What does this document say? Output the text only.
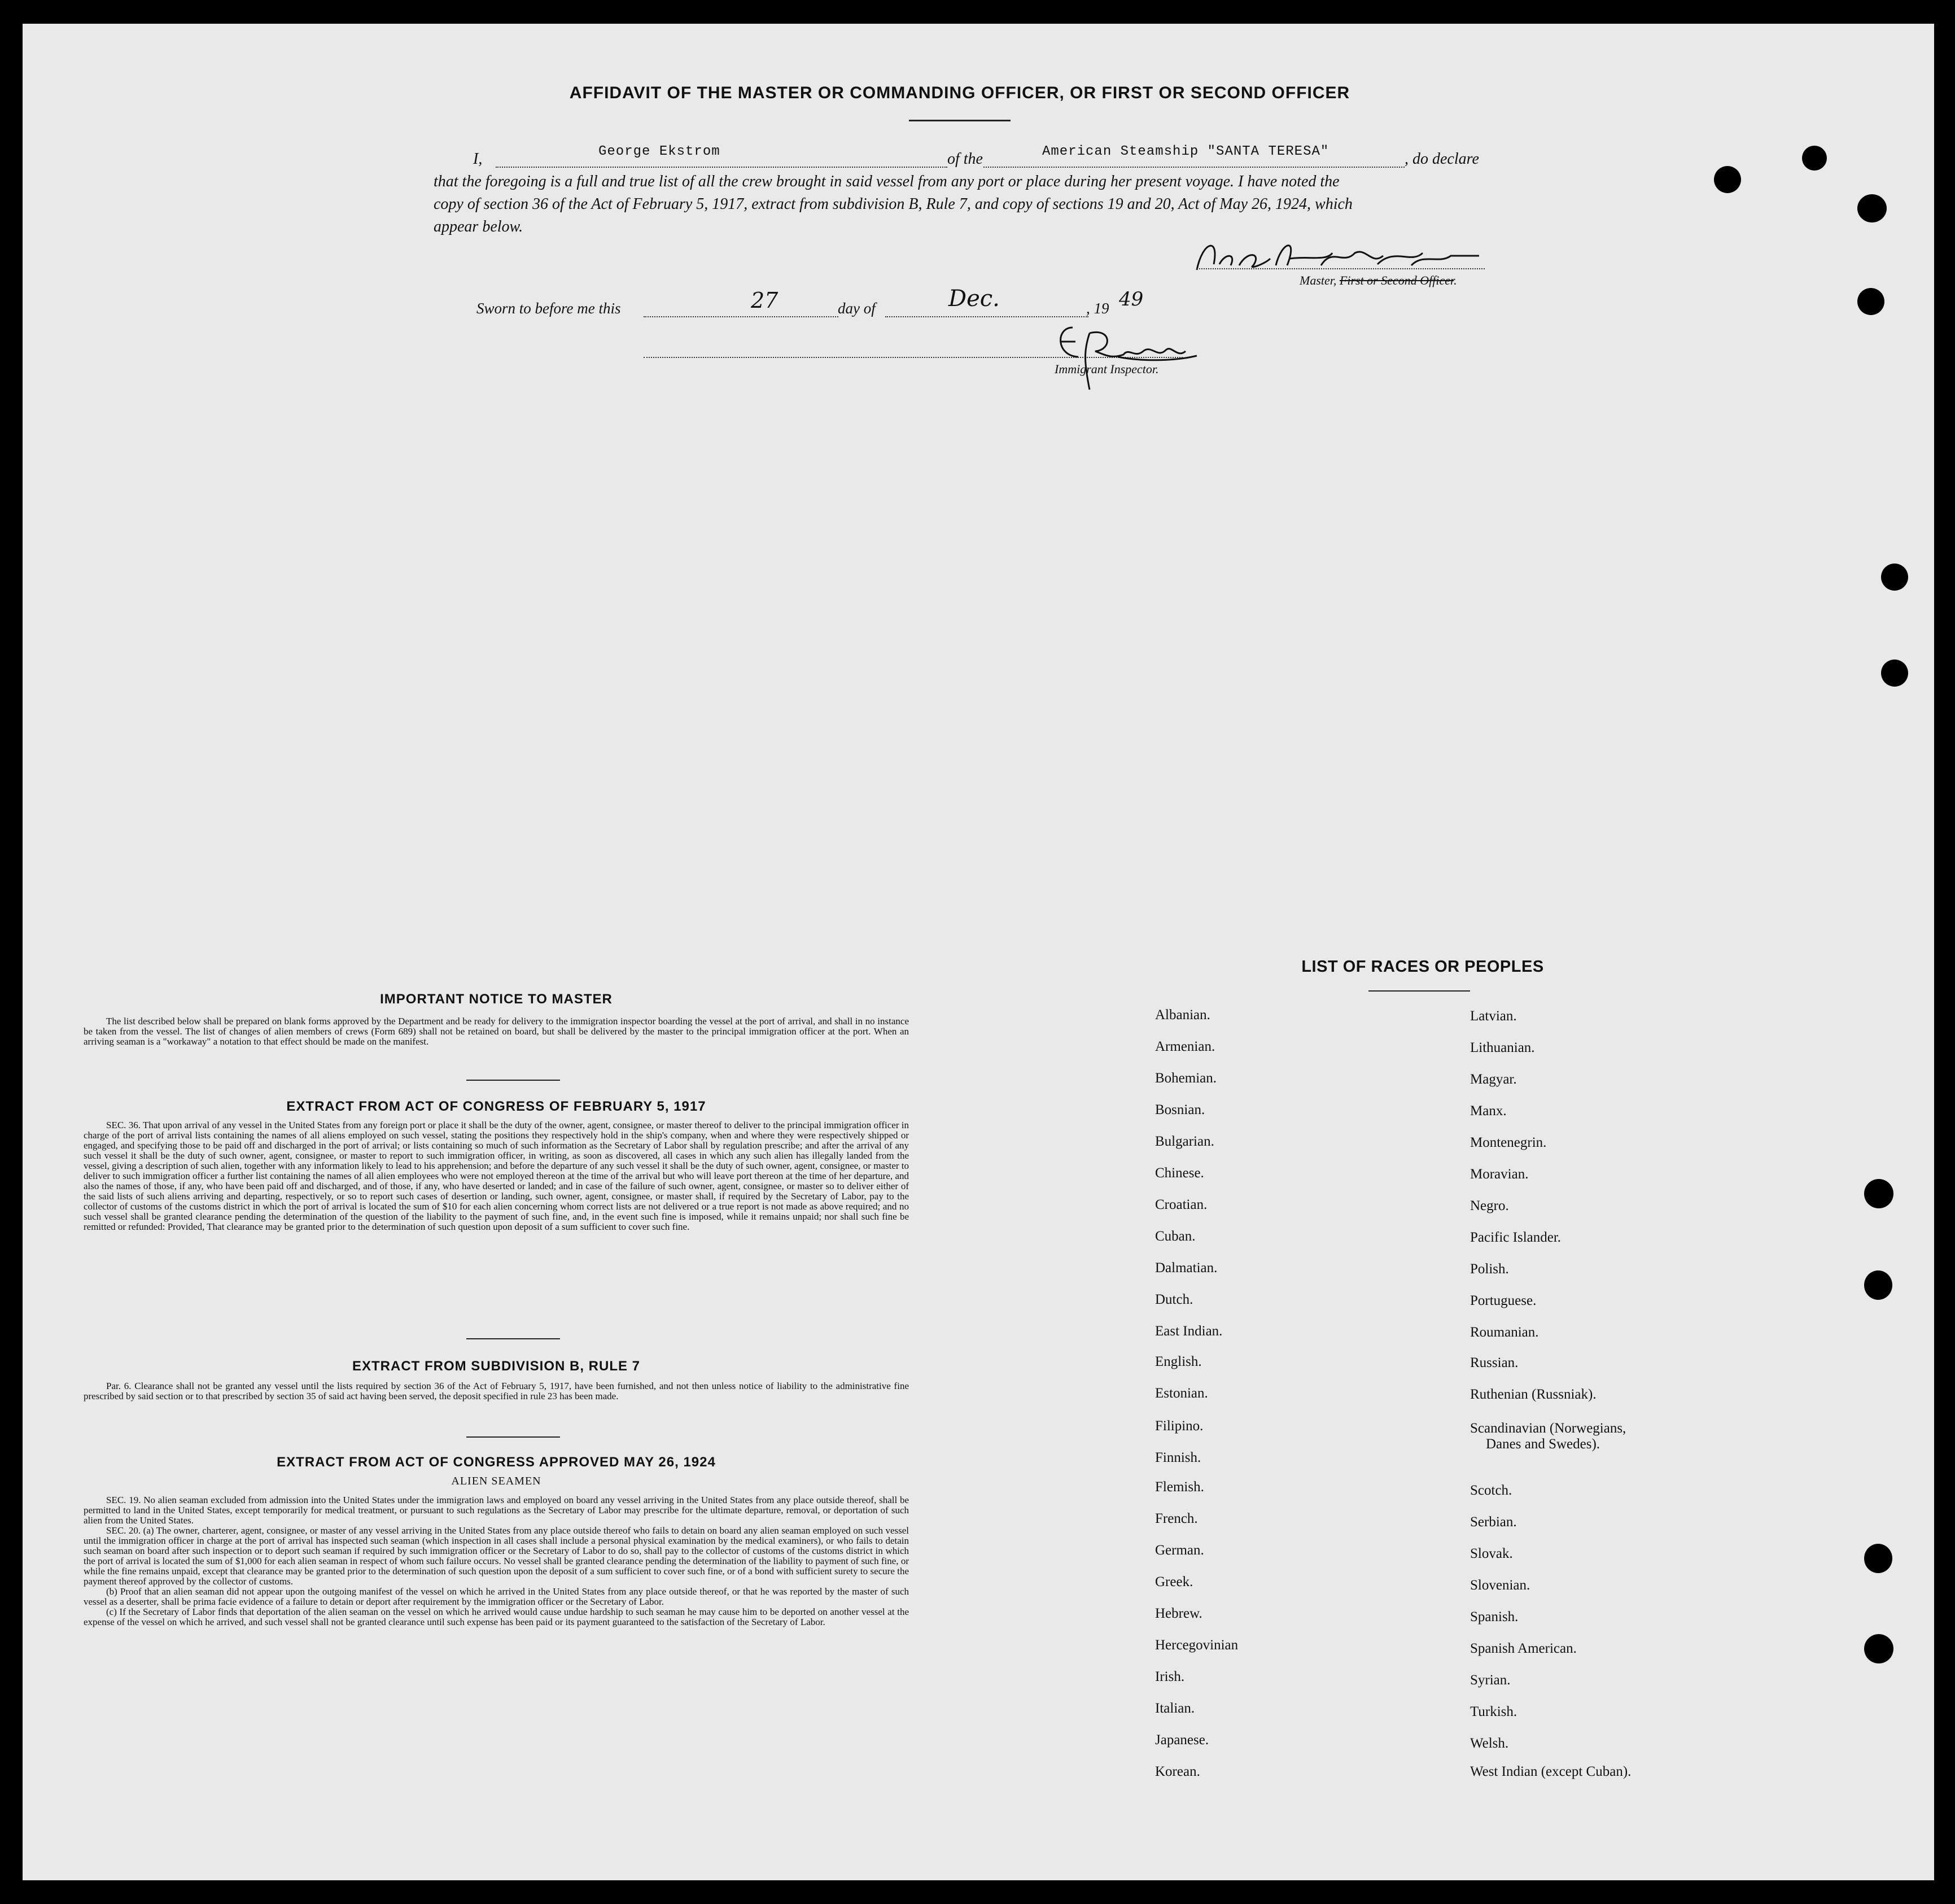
AFFIDAVIT OF THE MASTER OR COMMANDING OFFICER, OR FIRST OR SECOND OFFICER
I,	George Ekstrom	of the	American Steamship "SANTA TERESA"	, do declare
that the foregoing is a full and true list of all the crew brought in said vessel from any port or place during her present voyage. I have noted the
copy of section 36 of the Act of February 5, 1917, extract from subdivision B, Rule 7, and copy of sections 19 and 20, Act of May 26, 1924, which
appear below.
Master, First or Second Officer.
Sworn to before me this	27	day of	Dec.	, 19 49
Immigrant Inspector.
IMPORTANT NOTICE TO MASTER

The list described below shall be prepared on blank forms approved by the Department and be ready for delivery to the immigration inspector boarding the vessel at the port of arrival, and shall in no instance be taken from the vessel. The list of changes of alien members of crews (Form 689) shall not be retained on board, but shall be delivered by the master to the principal immigration officer at the port. When an arriving seaman is a "workaway" a notation to that effect should be made on the manifest.

EXTRACT FROM ACT OF CONGRESS OF FEBRUARY 5, 1917

SEC. 36. That upon arrival of any vessel in the United States from any foreign port or place it shall be the duty of the owner, agent, consignee, or master thereof to deliver to the principal immigration officer in charge of the port of arrival lists containing the names of all aliens employed on such vessel, stating the positions they respectively hold in the ship's company, when and where they were respectively shipped or engaged, and specifying those to be paid off and discharged in the port of arrival; or lists containing so much of such information as the Secretary of Labor shall by regulation prescribe; and after the arrival of any such vessel it shall be the duty of such owner, agent, consignee, or master to report to such immigration officer, in writing, as soon as discovered, all cases in which any such alien has illegally landed from the vessel, giving a description of such alien, together with any information likely to lead to his apprehension; and before the departure of any such vessel it shall be the duty of such owner, agent, consignee, or master to deliver to such immigration officer a further list containing the names of all alien employees who were not employed thereon at the time of the arrival but who will leave port thereon at the time of her departure, and also the names of those, if any, who have been paid off and discharged, and of those, if any, who have deserted or landed; and in case of the failure of such owner, agent, consignee, or master so to deliver either of the said lists of such aliens arriving and departing, respectively, or so to report such cases of desertion or landing, such owner, agent, consignee, or master shall, if required by the Secretary of Labor, pay to the collector of customs of the customs district in which the port of arrival is located the sum of $10 for each alien concerning whom correct lists are not delivered or a true report is not made as above required; and no such vessel shall be granted clearance pending the determination of the question of the liability to the payment of such fine, and, in the event such fine is imposed, while it remains unpaid; nor shall such fine be remitted or refunded: Provided, That clearance may be granted prior to the determination of such question upon deposit of a sum sufficient to cover such fine.

EXTRACT FROM SUBDIVISION B, RULE 7

Par. 6. Clearance shall not be granted any vessel until the lists required by section 36 of the Act of February 5, 1917, have been furnished, and not then unless notice of liability to the administrative fine prescribed by said section or to that prescribed by section 35 of said act having been served, the deposit specified in rule 23 has been made.

EXTRACT FROM ACT OF CONGRESS APPROVED MAY 26, 1924
ALIEN SEAMEN

SEC. 19. No alien seaman excluded from admission into the United States under the immigration laws and employed on board any vessel arriving in the United States from any place outside thereof, shall be permitted to land in the United States, except temporarily for medical treatment, or pursuant to such regulations as the Secretary of Labor may prescribe for the ultimate departure, removal, or deportation of such alien from the United States.

SEC. 20. (a) The owner, charterer, agent, consignee, or master of any vessel arriving in the United States from any place outside thereof who fails to detain on board any alien seaman employed on such vessel until the immigration officer in charge at the port of arrival has inspected such seaman (which inspection in all cases shall include a personal physical examination by the medical examiners), or who fails to detain such seaman on board after such inspection or to deport such seaman if required by such immigration officer or the Secretary of Labor to do so, shall pay to the collector of customs of the customs district in which the port of arrival is located the sum of $1,000 for each alien seaman in respect of whom such failure occurs. No vessel shall be granted clearance pending the determination of the liability to payment of such fine, or while the fine remains unpaid, except that clearance may be granted prior to the determination of such question upon the deposit of a sum sufficient to cover such fine, or of a bond with sufficient surety to secure the payment thereof approved by the collector of customs.

(b) Proof that an alien seaman did not appear upon the outgoing manifest of the vessel on which he arrived in the United States from any place outside thereof, or that he was reported by the master of such vessel as a deserter, shall be prima facie evidence of a failure to detain or deport after requirement by the immigration officer or the Secretary of Labor.

(c) If the Secretary of Labor finds that deportation of the alien seaman on the vessel on which he arrived would cause undue hardship to such seaman he may cause him to be deported on another vessel at the expense of the vessel on which he arrived, and such vessel shall not be granted clearance until such expense has been paid or its payment guaranteed to the satisfaction of the Secretary of Labor.

LIST OF RACES OR PEOPLES
Albanian.
Armenian.
Bohemian.
Bosnian.
Bulgarian.
Chinese.
Croatian.
Cuban.
Dalmatian.
Dutch.
East Indian.
English.
Estonian.
Filipino.
Finnish.
Flemish.
French.
German.
Greek.
Hebrew.
Hercegovinian
Irish.
Italian.
Japanese.
Korean.
Latvian.
Lithuanian.
Magyar.
Manx.
Montenegrin.
Moravian.
Negro.
Pacific Islander.
Polish.
Portuguese.
Roumanian.
Russian.
Ruthenian (Russniak).
Scandinavian (Norwegians,
Danes and Swedes).
Scotch.
Serbian.
Slovak.
Slovenian.
Spanish.
Spanish American.
Syrian.
Turkish.
Welsh.
West Indian (except Cuban).
